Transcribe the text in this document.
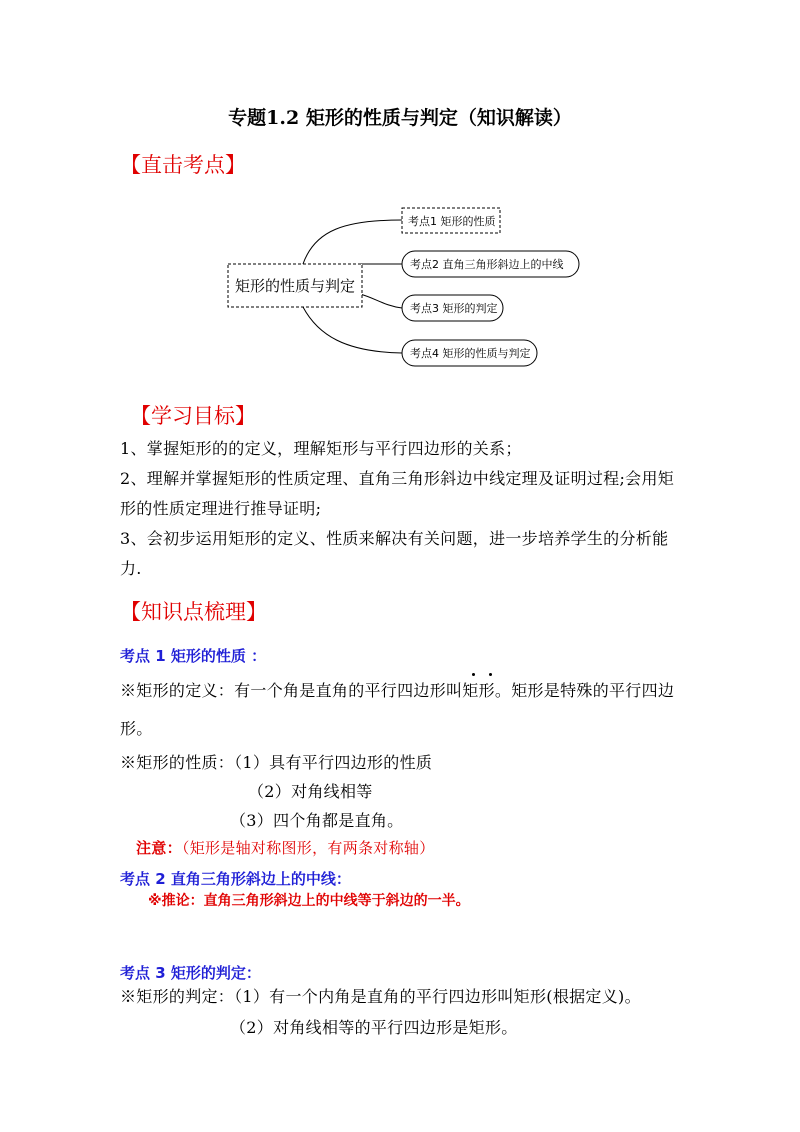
专题1.2 矩形的性质与判定（知识解读）
【直击考点】
矩形的性质与判定
考点1 矩形的性质
考点2 直角三角形斜边上的中线
考点3 矩形的判定
考点4 矩形的性质与判定
【学习目标】
1、掌握矩形的的定义，理解矩形与平行四边形的关系；
2、理解并掌握矩形的性质定理、直角三角形斜边中线定理及证明过程;会用矩
形的性质定理进行推导证明;
3、会初步运用矩形的定义、性质来解决有关问题，进一步培养学生的分析能
力.
【知识点梳理】
考点 1 矩形的性质 ：
※矩形的定义：有一个角是直角的平行四边形叫矩形。矩形是特殊的平行四边
形。
※矩形的性质：（1）具有平行四边形的性质
（2）对角线相等
（3）四个角都是直角。
注意：（矩形是轴对称图形，有两条对称轴）
考点 2 直角三角形斜边上的中线：
※推论：直角三角形斜边上的中线等于斜边的一半。
考点 3 矩形的判定：
※矩形的判定：（1）有一个内角是直角的平行四边形叫矩形(根据定义)。
（2）对角线相等的平行四边形是矩形。
